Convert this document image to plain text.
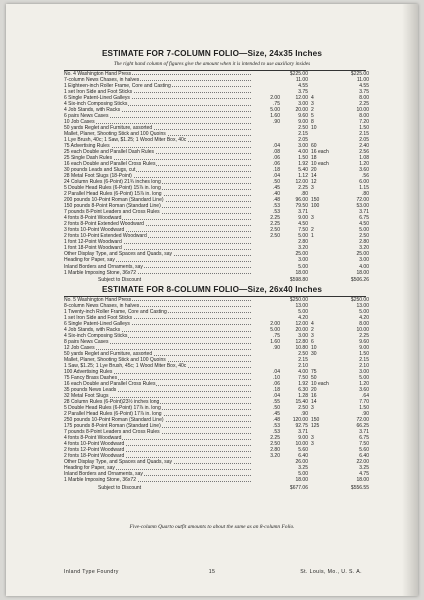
ESTIMATE FOR 7-COLUMN FOLIO—Size, 24x35 Inches
The right hand column of figures give the amount when it is intended to use auxiliary insides
No. 4 Washington Hand Press		$225.00		$225.00

7-column News Chases, in halves		11.00		11.00

1 Eighteen-inch Roller Frame, Core and Casting		4.55		4.55

1 set Iron Side and Foot Sticks		3.75		3.75

6 Single Patent-Lined Galleys	2.00	12.00	4	8.00

4 Six-inch Composing Sticks	.75	3.00	3	2.25

4 Job Stands, with Racks	5.00	20.00	2	10.00

6 pairs News Cases	1.60	9.60	5	8.00

10 Job Cases	.90	9.00	8	7.20

50 yards Reglet and Furniture, assorted		2.50	10	1.50

Mallet, Planer, Shooting Stick and 100 Quoins		2.15		2.15

1 Lye Brush, 40c; 1 Saw, $1.25; 1 Wood Miter Box, 40c		2.05		2.05

75 Advertising Rules	.04	3.00	60	2.40

25 each Double and Parallel Dash Rules	.08	4.00	16 each	2.56

25 Single Dash Rules	.06	1.50	18	1.08

16 each Double and Parallel Cross Rules	.06	1.92	10 each	1.20

30 pounds Leads and Slugs, cut	.18	5.40	20	3.60

28 Metal Foot Slugs (18-Point)	.04	1.12	14	.56

24 Column Rules (6-Point) 21¾ inches long	.50	12.00	12	6.00

5 Double Head Rules (6-Point) 15⅞ in. long	.45	2.25	3	1.15

2 Parallel Head Rules (6-Point) 15⅞ in. long	.40	.80		.80

200 pounds 10-Point Roman (Standard Line)	.48	96.00	150	72.00

150 pounds 8-Point Roman (Standard Line)	.53	79.50	100	53.00

7 pounds 8-Point Leaders and Cross Rules	.53	3.71		3.71

4 fonts 8-Point Woodward	2.25	9.00	3	6.75

2 fonts 8-Point Extended Woodward	2.25	4.50		4.50

3 fonts 10-Point Woodward	2.50	7.50	2	5.00

2 fonts 10-Point Extended Woodward	2.50	5.00	1	2.50

1 font 12-Point Woodward		2.80		2.80

1 font 18-Point Woodward		3.20		3.20

Other Display Type, and Spaces and Quads, say		25.00		25.00

Heading for Paper, say		3.00		3.00

Inland Borders and Ornaments, say		5.00		4.00

1 Marble Imposing Stone, 36x72		18.00		18.00
Subject to Discount		$598.80		$506.26
ESTIMATE FOR 8-COLUMN FOLIO—Size, 26x40 Inches
No. 5 Washington Hand Press		$250.00		$250.00

8-column News Chases, in halves		13.00		13.00

1 Twenty-inch Roller Frame, Core and Casting		5.00		5.00

1 set Iron Side and Foot Sticks		4.20		4.20

6 Single Patent-Lined Galleys	2.00	12.00	4	8.00

4 Job Stands, with Racks	5.00	20.00	2	10.00

4 Six-inch Composing Sticks	.75	3.00	3	2.25

8 pairs News Cases	1.60	12.80	6	9.60

12 Job Cases	.90	10.80	10	9.00

50 yards Reglet and Furniture, assorted		2.50	30	1.50

Mallet, Planer, Shooting Stick and 100 Quoins		2.15		2.15

1 Saw, $1.25; 1 Lye Brush, 45c; 1 Wood Miter Box, 40c		2.10		2.10

100 Advertising Rules	.04	4.00	75	3.00

75 Fancy Brass Dashes	.10	7.50	50	5.00

16 each Double and Parallel Cross Rules	.06	1.92	10 each	1.20

35 pounds News Leads	.18	6.30	20	3.60

32 Metal Foot Slugs	.04	1.28	16	.64

28 Column Rules (6-Point)23½ inches long	.55	15.40	14	7.70

5 Double Head Rules (6-Point) 17⅞ in. long	.50	2.50	3	1.50

2 Parallel Head Rules (6-Point) 17⅞ in. long	.45	.90		.90

250 pounds 10-Point Roman (Standard Line)	.48	120.00	150	72.00

175 pounds 8-Point Roman (Standard Line)	.53	92.75	125	66.25

7 pounds 8-Point Leaders and Cross Rules	.53	3.71		3.71

4 fonts 8-Point Woodward	2.25	9.00	3	6.75

4 fonts 10-Point Woodward	2.50	10.00	3	7.50

2 fonts 12-Point Woodward	2.80	5.60		5.60

2 fonts 18-Point Woodward	3.20	6.40		6.40

Other Display Type, and Spaces and Quads, say		26.00		22.00

Heading for Paper, say		3.25		3.25

Inland Borders and Ornaments, say		5.00		4.75

1 Marble Imposing Stone, 36x72		18.00		18.00
Subject to Discount		$677.06		$556.55
Five-column Quarto outfit amounts to about the same as an 8-column Folio.
Inland Type Foundry	15	St. Louis, Mo., U. S. A.
